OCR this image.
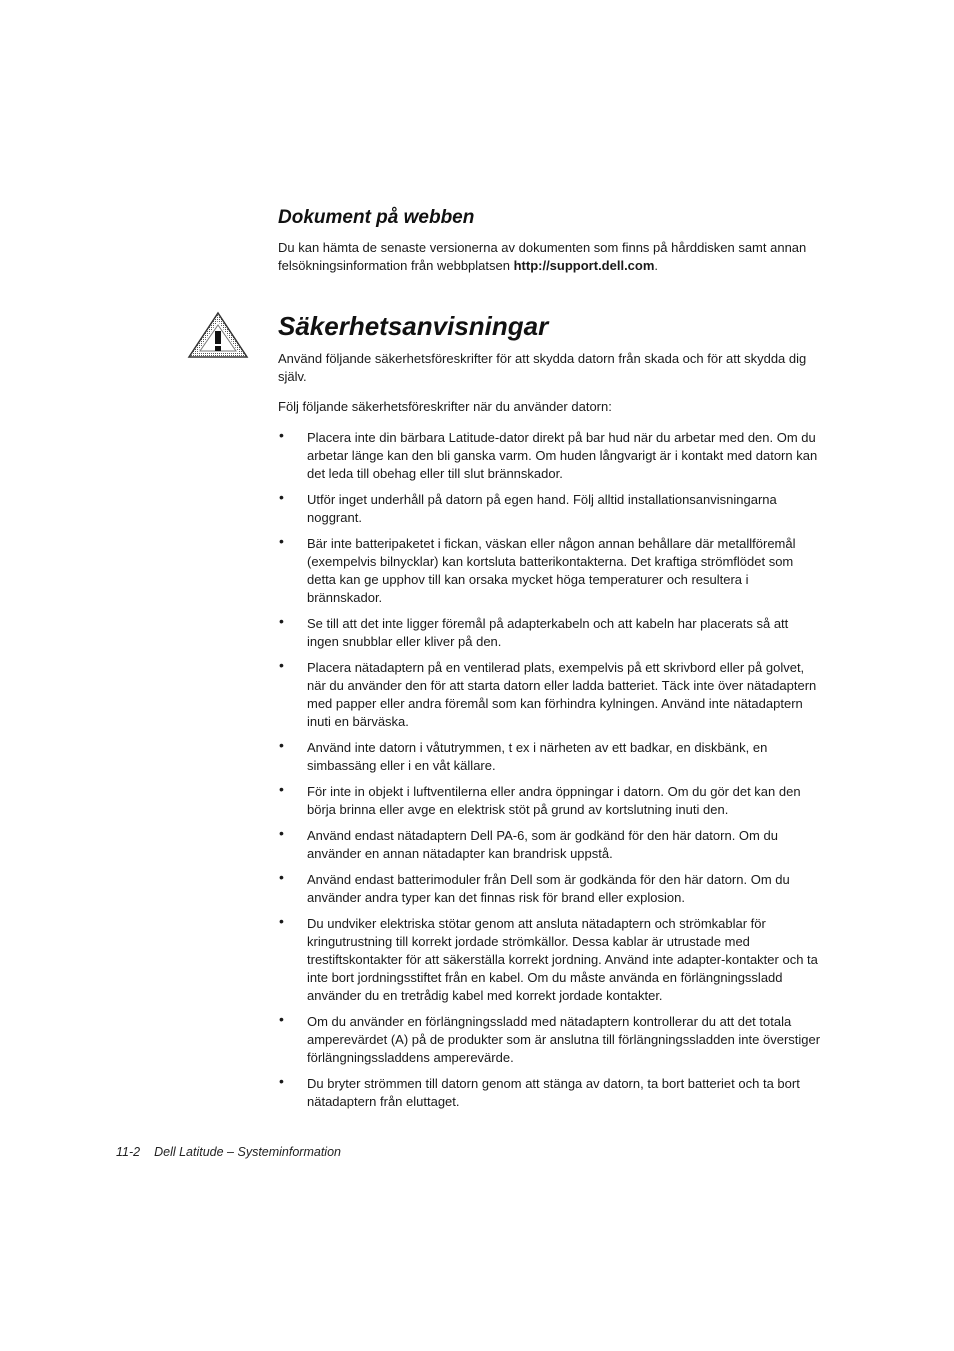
Dokument på webben

Du kan hämta de senaste versionerna av dokumenten som finns på hårddisken samt annan felsökningsinformation från webbplatsen http://support.dell.com.

Säkerhetsanvisningar

Använd följande säkerhetsföreskrifter för att skydda datorn från skada och för att skydda dig själv.

Följ följande säkerhetsföreskrifter när du använder datorn:

• Placera inte din bärbara Latitude-dator direkt på bar hud när du arbetar med den. Om du arbetar länge kan den bli ganska varm. Om huden långvarigt är i kontakt med datorn kan det leda till obehag eller till slut brännskador.
• Utför inget underhåll på datorn på egen hand. Följ alltid installationsanvisningarna noggrant.
• Bär inte batteripaketet i fickan, väskan eller någon annan behållare där metallföremål (exempelvis bilnycklar) kan kortsluta batterikontakterna. Det kraftiga strömflödet som detta kan ge upphov till kan orsaka mycket höga temperaturer och resultera i brännskador.
• Se till att det inte ligger föremål på adapterkabeln och att kabeln har placerats så att ingen snubblar eller kliver på den.
• Placera nätadaptern på en ventilerad plats, exempelvis på ett skrivbord eller på golvet, när du använder den för att starta datorn eller ladda batteriet. Täck inte över nätadaptern med papper eller andra föremål som kan förhindra kylningen. Använd inte nätadaptern inuti en bärväska.
• Använd inte datorn i våtutrymmen, t ex i närheten av ett badkar, en diskbänk, en simbassäng eller i en våt källare.
• För inte in objekt i luftventilerna eller andra öppningar i datorn. Om du gör det kan den börja brinna eller avge en elektrisk stöt på grund av kortslutning inuti den.
• Använd endast nätadaptern Dell PA-6, som är godkänd för den här datorn. Om du använder en annan nätadapter kan brandrisk uppstå.
• Använd endast batterimoduler från Dell som är godkända för den här datorn. Om du använder andra typer kan det finnas risk för brand eller explosion.
• Du undviker elektriska stötar genom att ansluta nätadaptern och strömkablar för kringutrustning till korrekt jordade strömkällor. Dessa kablar är utrustade med trestiftskontakter för att säkerställa korrekt jordning. Använd inte adapter-kontakter och ta inte bort jordningsstiftet från en kabel. Om du måste använda en förlängningssladd använder du en tretrådig kabel med korrekt jordade kontakter.
• Om du använder en förlängningssladd med nätadaptern kontrollerar du att det totala amperevärdet (A) på de produkter som är anslutna till förlängningssladden inte överstiger förlängningssladdens amperevärde.
• Du bryter strömmen till datorn genom att stänga av datorn, ta bort batteriet och ta bort nätadaptern från eluttaget.
11-2 Dell Latitude – Systeminformation
